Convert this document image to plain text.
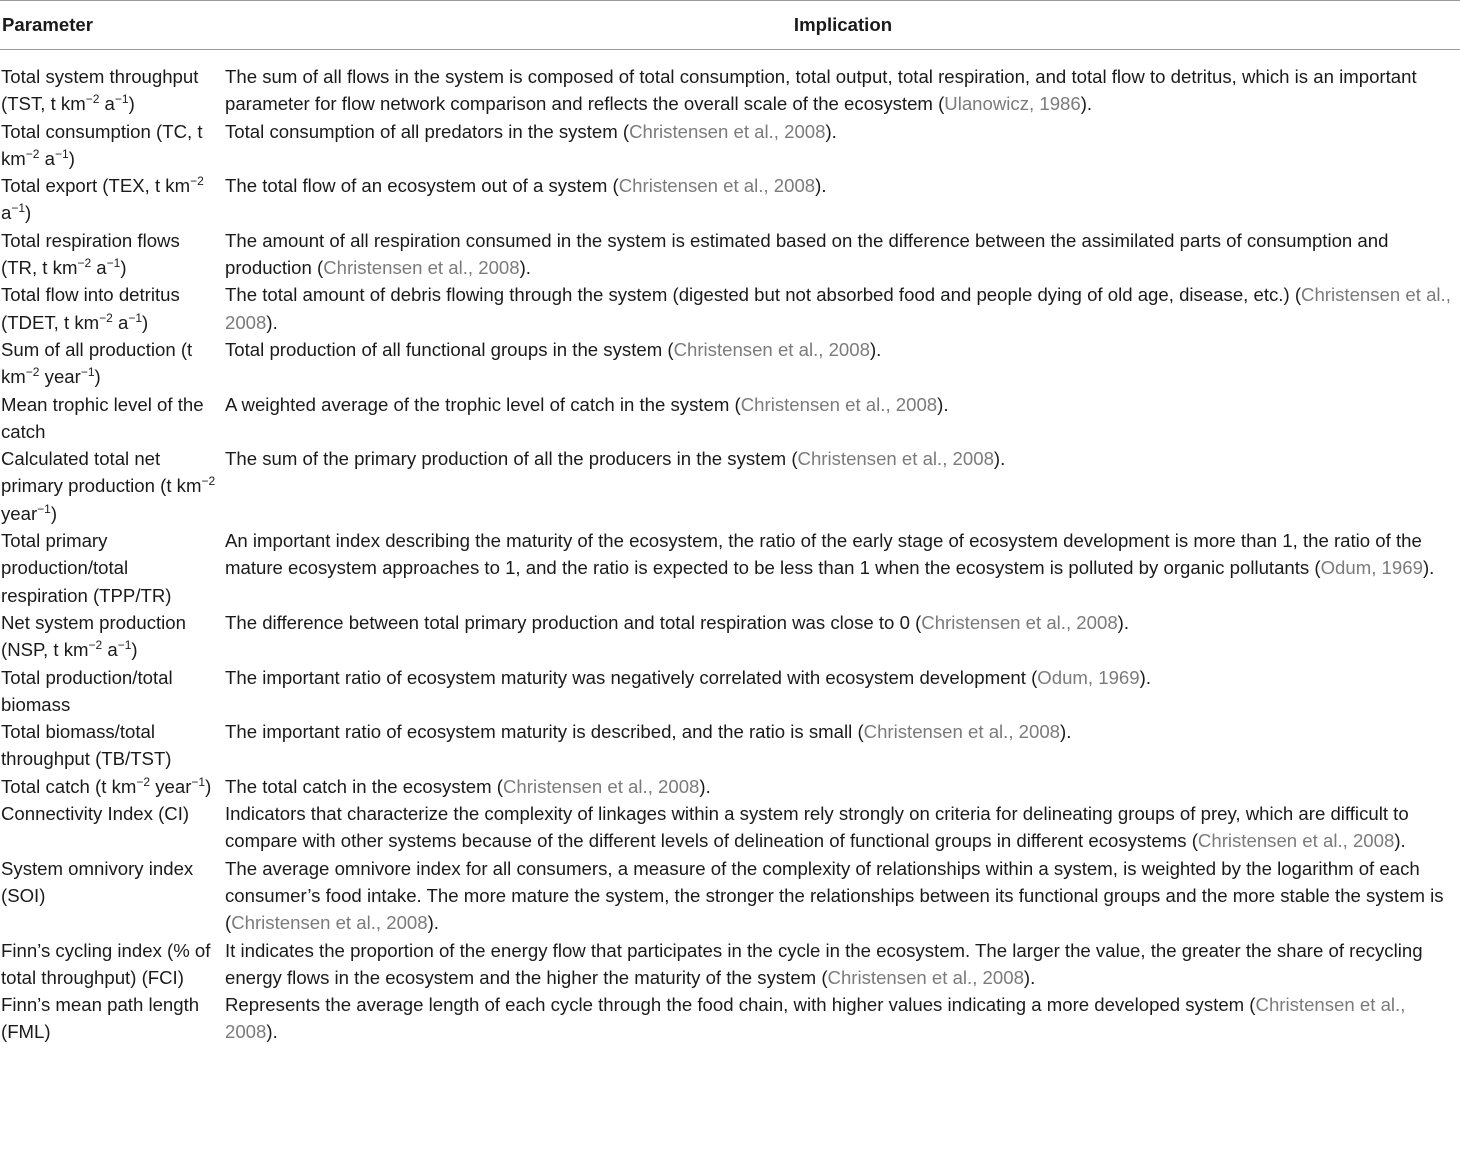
Parameter	Implication
Total system throughput (TST, t $km^{-2}$ $a^{-1}$)	The sum of all flows in the system is composed of total consumption, total output, total respiration, and total flow to detritus, which is an important parameter for flow network comparison and reflects the overall scale of the ecosystem (Ulanowicz, 1986).
Total consumption (TC, t $km^{-2}$ $a^{-1}$)	Total consumption of all predators in the system (Christensen et al., 2008).
Total export (TEX, t $km^{-2}$ $a^{-1}$)	The total flow of an ecosystem out of a system (Christensen et al., 2008).
Total respiration flows (TR, t $km^{-2}$ $a^{-1}$)	The amount of all respiration consumed in the system is estimated based on the difference between the assimilated parts of consumption and production (Christensen et al., 2008).
Total flow into detritus (TDET, t $km^{-2}$ $a^{-1}$)	The total amount of debris flowing through the system (digested but not absorbed food and people dying of old age, disease, etc.) (Christensen et al., 2008).
Sum of all production (t $km^{-2}$ year$^{-1}$)	Total production of all functional groups in the system (Christensen et al., 2008).
Mean trophic level of the catch	A weighted average of the trophic level of catch in the system (Christensen et al., 2008).
Calculated total net primary production (t $km^{-2}$ year$^{-1}$)	The sum of the primary production of all the producers in the system (Christensen et al., 2008).
Total primary production/total respiration (TPP/TR)	An important index describing the maturity of the ecosystem, the ratio of the early stage of ecosystem development is more than 1, the ratio of the mature ecosystem approaches to 1, and the ratio is expected to be less than 1 when the ecosystem is polluted by organic pollutants (Odum, 1969).
Net system production (NSP, t $km^{-2}$ $a^{-1}$)	The difference between total primary production and total respiration was close to 0 (Christensen et al., 2008).
Total production/total biomass	The important ratio of ecosystem maturity was negatively correlated with ecosystem development (Odum, 1969).
Total biomass/total throughput (TB/TST)	The important ratio of ecosystem maturity is described, and the ratio is small (Christensen et al., 2008).
Total catch (t $km^{-2}$ year$^{-1}$)	The total catch in the ecosystem (Christensen et al., 2008).
Connectivity Index (CI)	Indicators that characterize the complexity of linkages within a system rely strongly on criteria for delineating groups of prey, which are difficult to compare with other systems because of the different levels of delineation of functional groups in different ecosystems (Christensen et al., 2008).
System omnivory index (SOI)	The average omnivore index for all consumers, a measure of the complexity of relationships within a system, is weighted by the logarithm of each consumer’s food intake. The more mature the system, the stronger the relationships between its functional groups and the more stable the system is (Christensen et al., 2008).
Finn’s cycling index (% of total throughput) (FCI)	It indicates the proportion of the energy flow that participates in the cycle in the ecosystem. The larger the value, the greater the share of recycling energy flows in the ecosystem and the higher the maturity of the system (Christensen et al., 2008).
Finn’s mean path length (FML)	Represents the average length of each cycle through the food chain, with higher values indicating a more developed system (Christensen et al., 2008).
